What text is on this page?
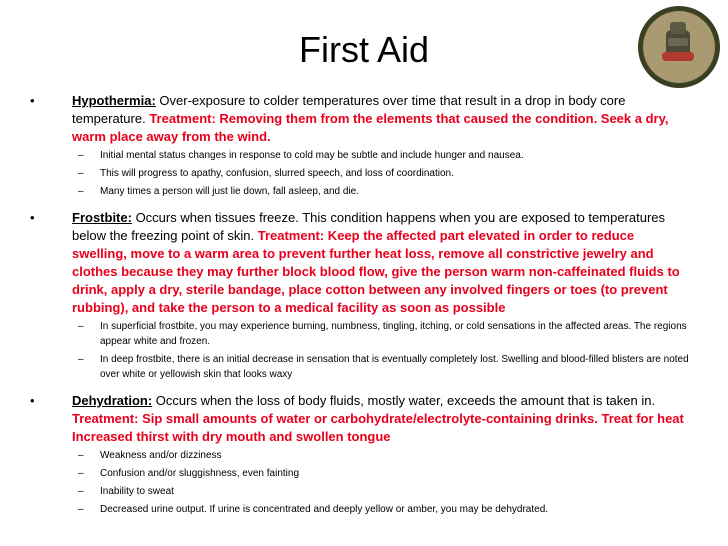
First Aid
•	Hypothermia: Over-exposure to colder temperatures over time that result in a drop in body core temperature. Treatment: Removing them from the elements that caused the condition. Seek a dry, warm place away from the wind.
– Initial mental status changes in response to cold may be subtle and include hunger and nausea.
– This will progress to apathy, confusion, slurred speech, and loss of coordination.
– Many times a person will just lie down, fall asleep, and die.
•	Frostbite: Occurs when tissues freeze. This condition happens when you are exposed to temperatures below the freezing point of skin. Treatment: Keep the affected part elevated in order to reduce swelling, move to a warm area to prevent further heat loss, remove all constrictive jewelry and clothes because they may further block blood flow, give the person warm non-caffeinated fluids to drink, apply a dry, sterile bandage, place cotton between any involved fingers or toes (to prevent rubbing), and take the person to a medical facility as soon as possible
– In superficial frostbite, you may experience burning, numbness, tingling, itching, or cold sensations in the affected areas. The regions appear white and frozen.
– In deep frostbite, there is an initial decrease in sensation that is eventually completely lost. Swelling and blood-filled blisters are noted over white or yellowish skin that looks waxy
•	Dehydration: Occurs when the loss of body fluids, mostly water, exceeds the amount that is taken in. Treatment: Sip small amounts of water or carbohydrate/electrolyte-containing drinks. Treat for heat Increased thirst with dry mouth and swollen tongue
– Weakness and/or dizziness
– Confusion and/or sluggishness, even fainting
– Inability to sweat
– Decreased urine output. If urine is concentrated and deeply yellow or amber, you may be dehydrated.
